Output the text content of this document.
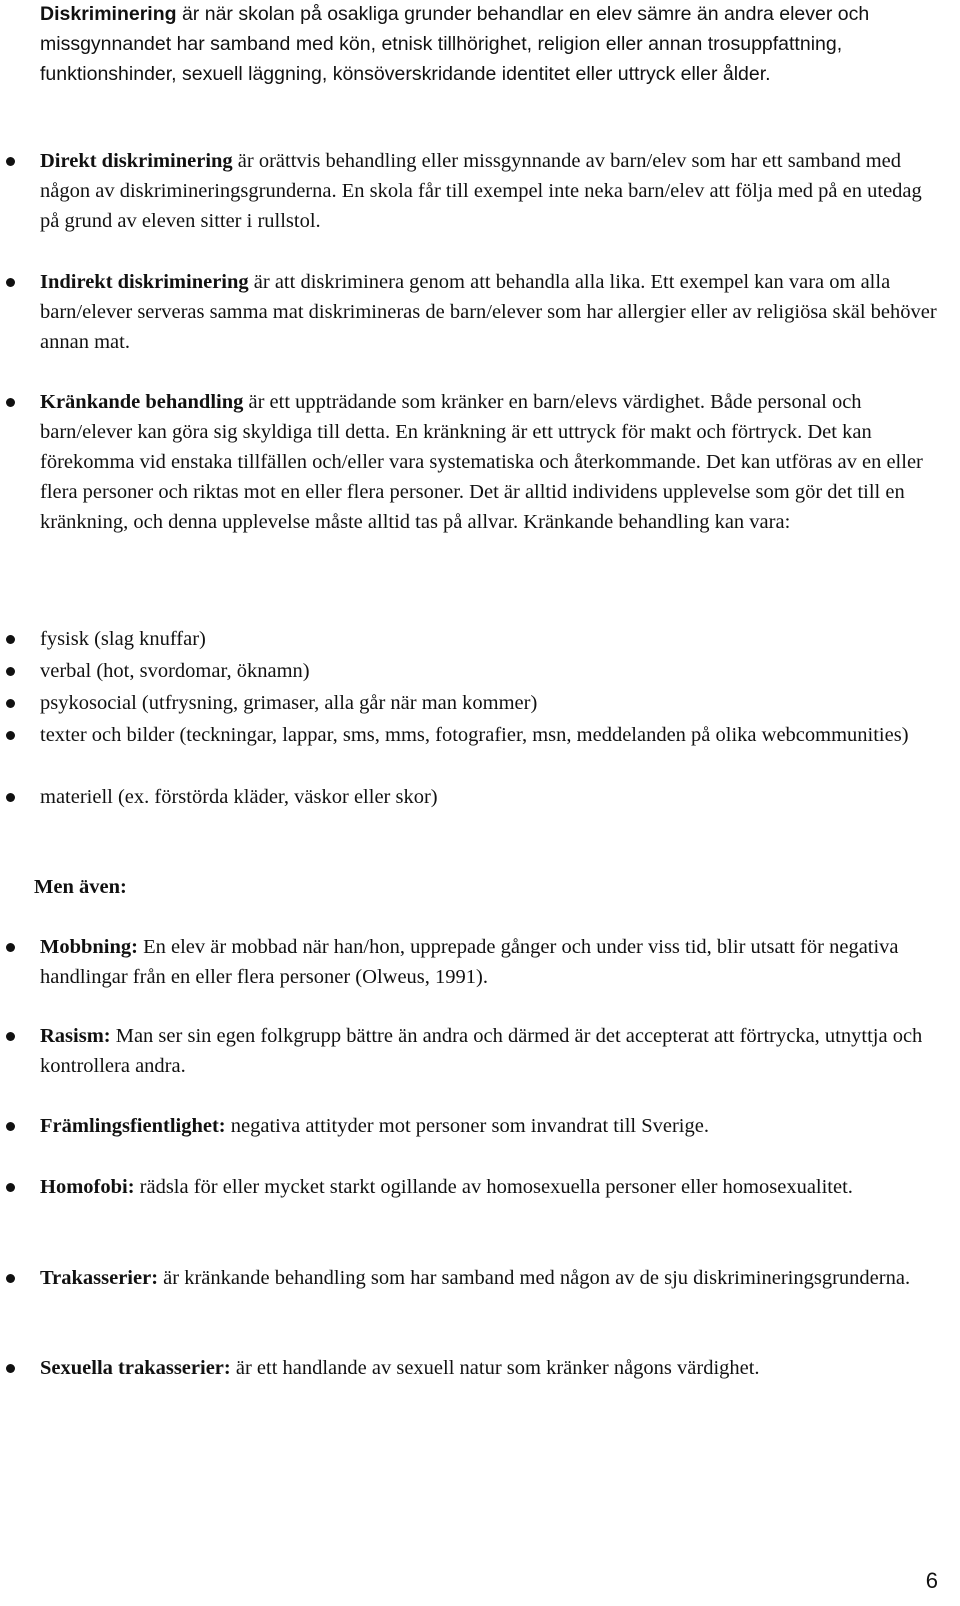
Diskriminering är när skolan på osakliga grunder behandlar en elev sämre än andra elever och missgynnandet har samband med kön, etnisk tillhörighet, religion eller annan trosuppfattning, funktionshinder, sexuell läggning, könsöverskridande identitet eller uttryck eller ålder.
Direkt diskriminering är orättvis behandling eller missgynnande av barn/elev som har ett samband med någon av diskrimineringsgrunderna. En skola får till exempel inte neka barn/elev att följa med på en utedag på grund av eleven sitter i rullstol.
Indirekt diskriminering är att diskriminera genom att behandla alla lika. Ett exempel kan vara om alla barn/elever serveras samma mat diskrimineras de barn/elever som har allergier eller av religiösa skäl behöver annan mat.
Kränkande behandling är ett uppträdande som kränker en barn/elevs värdighet. Både personal och barn/elever kan göra sig skyldiga till detta. En kränkning är ett uttryck för makt och förtryck. Det kan förekomma vid enstaka tillfällen och/eller vara systematiska och återkommande. Det kan utföras av en eller flera personer och riktas mot en eller flera personer. Det är alltid individens upplevelse som gör det till en kränkning, och denna upplevelse måste alltid tas på allvar. Kränkande behandling kan vara:
fysisk (slag knuffar)
verbal (hot, svordomar, öknamn)
psykosocial (utfrysning, grimaser, alla går när man kommer)
texter och bilder (teckningar, lappar, sms, mms, fotografier, msn, meddelanden på olika webcommunities)
materiell (ex. förstörda kläder, väskor eller skor)
Men även:
Mobbning: En elev är mobbad när han/hon, upprepade gånger och under viss tid, blir utsatt för negativa handlingar från en eller flera personer (Olweus, 1991).
Rasism: Man ser sin egen folkgrupp bättre än andra och därmed är det accepterat att förtrycka, utnyttja och kontrollera andra.
Främlingsfientlighet: negativa attityder mot personer som invandrat till Sverige.
Homofobi: rädsla för eller mycket starkt ogillande av homosexuella personer eller homosexualitet.
Trakasserier: är kränkande behandling som har samband med någon av de sju diskrimineringsgrunderna.
Sexuella trakasserier: är ett handlande av sexuell natur som kränker någons värdighet.
6
